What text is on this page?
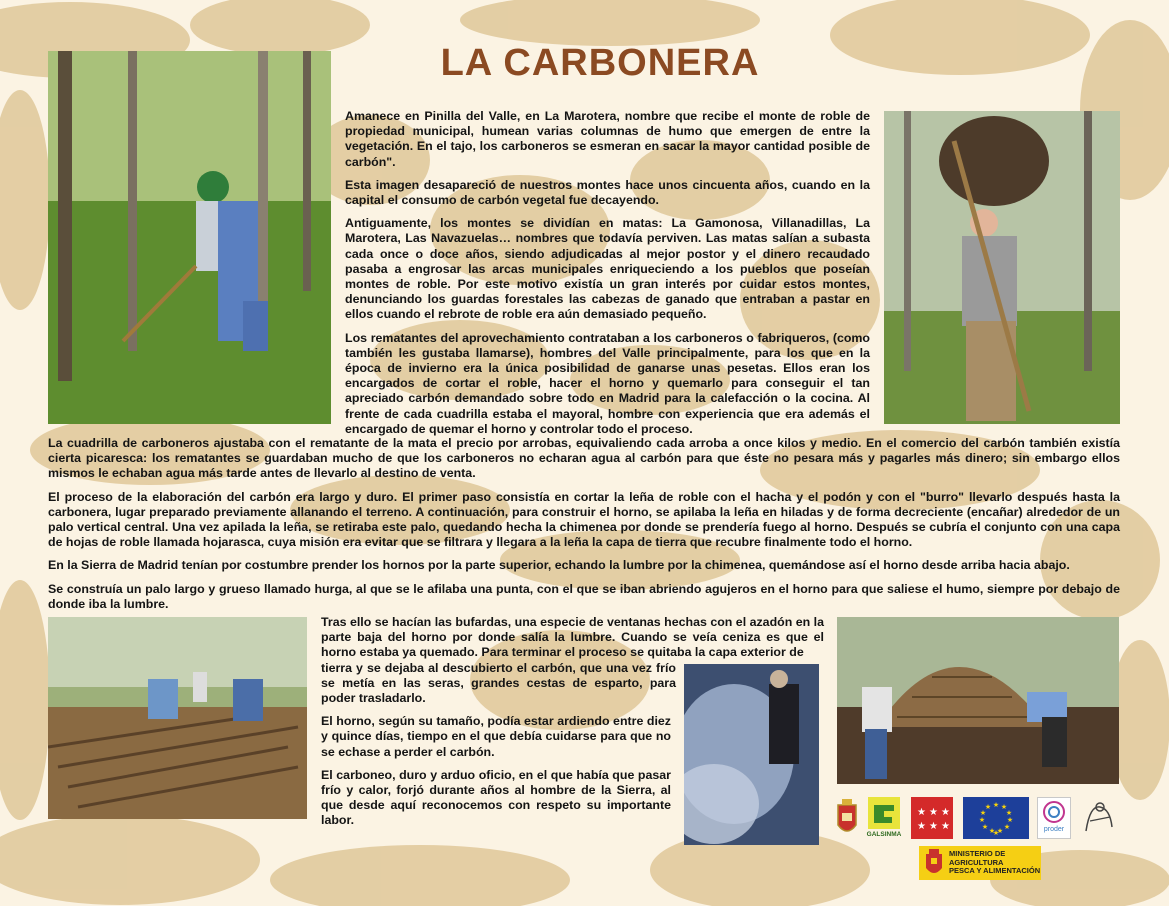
LA CARBONERA

Amanece en Pinilla del Valle, en La Marotera, nombre que recibe el monte de roble de propiedad municipal, humean varias columnas de humo que emergen de entre la vegetación. En el tajo, los carboneros se esmeran en sacar la mayor cantidad posible de carbón".

Esta imagen desapareció de nuestros montes hace unos cincuenta años, cuando en la capital el consumo de carbón vegetal fue decayendo.

Antiguamente, los montes se dividían en matas: La Gamonosa, Villanadillas, La Marotera, Las Navazuelas… nombres que todavía perviven. Las matas salían a subasta cada once o doce años, siendo adjudicadas al mejor postor y el dinero recaudado pasaba a engrosar las arcas municipales enriqueciendo a los pueblos que poseían montes de roble. Por este motivo existía un gran interés por cuidar estos montes, denunciando los guardas forestales las cabezas de ganado que entraban a pastar en ellos cuando el rebrote de roble era aún demasiado pequeño.

Los rematantes del aprovechamiento contrataban a los carboneros o fabriqueros, (como también les gustaba llamarse), hombres del Valle principalmente, para los que en la época de invierno era la única posibilidad de ganarse unas pesetas. Ellos eran los encargados de cortar el roble, hacer el horno y quemarlo para conseguir el tan apreciado carbón demandado sobre todo en Madrid para la calefacción o la cocina. Al frente de cada cuadrilla estaba el mayoral, hombre con experiencia que era además el encargado de quemar el horno y controlar todo el proceso.

La cuadrilla de carboneros ajustaba con el rematante de la mata el precio por arrobas, equivaliendo cada arroba a once kilos y medio. En el comercio del carbón también existía cierta picaresca: los rematantes se guardaban mucho de que los carboneros no echaran agua al carbón para que éste no pesara más y pagarles más dinero; sin embargo ellos mismos le echaban agua más tarde antes de llevarlo al destino de venta.

El proceso de la elaboración del carbón era largo y duro. El primer paso consistía en cortar la leña de roble con el hacha y el podón y con el "burro" llevarlo después hasta la carbonera, lugar preparado previamente allanando el terreno. A continuación, para construir el horno, se apilaba la leña en hiladas y de forma decreciente (encañar) alrededor de un palo vertical central. Una vez apilada la leña, se retiraba este palo, quedando hecha la chimenea por donde se prendería fuego al horno. Después se cubría el conjunto con una capa de hojas de roble llamada hojarasca, cuya misión era evitar que se filtrara y llegara a la leña la capa de tierra que recubre finalmente todo el horno.

En la Sierra de Madrid tenían por costumbre prender los hornos por la parte superior, echando la lumbre por la chimenea, quemándose así el horno desde arriba hacia abajo.

Se construía un palo largo y grueso llamado hurga, al que se le afilaba una punta, con el que se iban abriendo agujeros en el horno para que saliese el humo, siempre por debajo de donde iba la lumbre.

Tras ello se hacían las bufardas, una especie de ventanas hechas con el azadón en la parte baja del horno por donde salía la lumbre. Cuando se veía ceniza es que el horno estaba ya quemado. Para terminar el proceso se quitaba la capa exterior de

tierra y se dejaba al descubierto el carbón, que una vez frío se metía en las seras, grandes cestas de esparto, para poder trasladarlo.

El horno, según su tamaño, podía estar ardiendo entre diez y quince días, tiempo en el que debía cuidarse para que no se echase a perder el carbón.

El carboneo, duro y arduo oficio, en el que había que pasar frío y calor, forjó durante años al hombre de la Sierra, al que desde aquí reconocemos con respeto su importante labor.

GALSINMA
★ ★ ★
★ ★ ★
★ ★
★
★
★
★
★
★
★
★
★
★	proder
MINISTERIO DE
AGRICULTURA
PESCA Y ALIMENTACIÓN
